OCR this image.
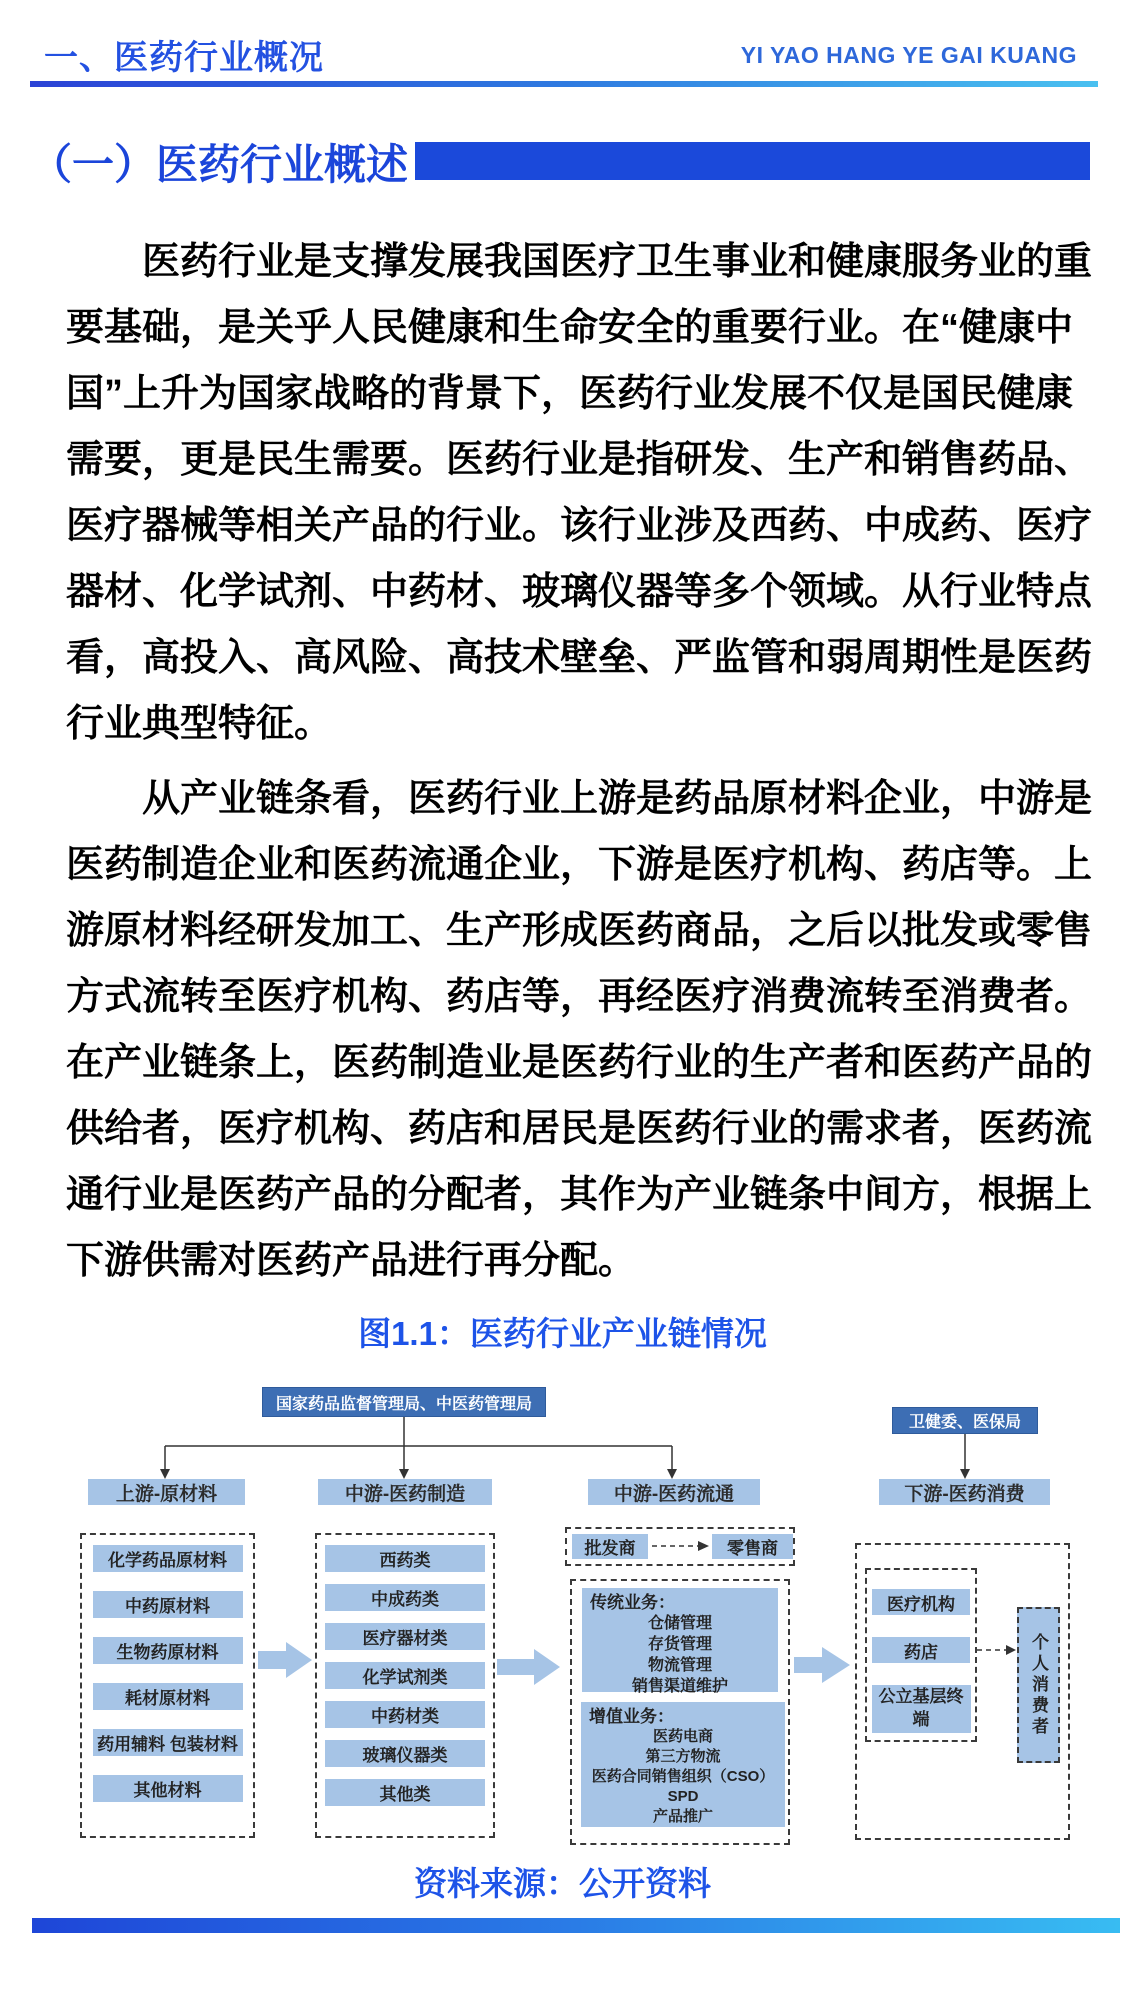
一、医药行业概况	YI YAO HANG YE GAI KUANG
（一）医药行业概述
医药行业是支撑发展我国医疗卫生事业和健康服务业的重
要基础，是关乎人民健康和生命安全的重要行业。在“健康中
国”上升为国家战略的背景下，医药行业发展不仅是国民健康
需要，更是民生需要。医药行业是指研发、生产和销售药品、
医疗器械等相关产品的行业。该行业涉及西药、中成药、医疗
器材、化学试剂、中药材、玻璃仪器等多个领域。从行业特点
看，高投入、高风险、高技术壁垒、严监管和弱周期性是医药
行业典型特征。
从产业链条看，医药行业上游是药品原材料企业，中游是
医药制造企业和医药流通企业，下游是医疗机构、药店等。上
游原材料经研发加工、生产形成医药商品，之后以批发或零售
方式流转至医疗机构、药店等，再经医疗消费流转至消费者。
在产业链条上，医药制造业是医药行业的生产者和医药产品的
供给者，医疗机构、药店和居民是医药行业的需求者，医药流
通行业是医药产品的分配者，其作为产业链条中间方，根据上
下游供需对医药产品进行再分配。
图1.1：医药行业产业链情况
国家药品监督管理局、中医药管理局
卫健委、医保局
上游-原材料	中游-医药制造	中游-医药流通	下游-医药消费
化学药品原材料
中药原材料
生物药原材料
耗材原材料
药用辅料 包装材料
其他材料
西药类
中成药类
医疗器材类
化学试剂类
中药材类
玻璃仪器类
其他类
批发商	零售商
传统业务：
仓储管理
存货管理
物流管理
销售渠道维护
增值业务：
医药电商
第三方物流
医药合同销售组织（CSO）
SPD
产品推广
医疗机构
药店
公立基层终端	个人消费者
资料来源：公开资料
